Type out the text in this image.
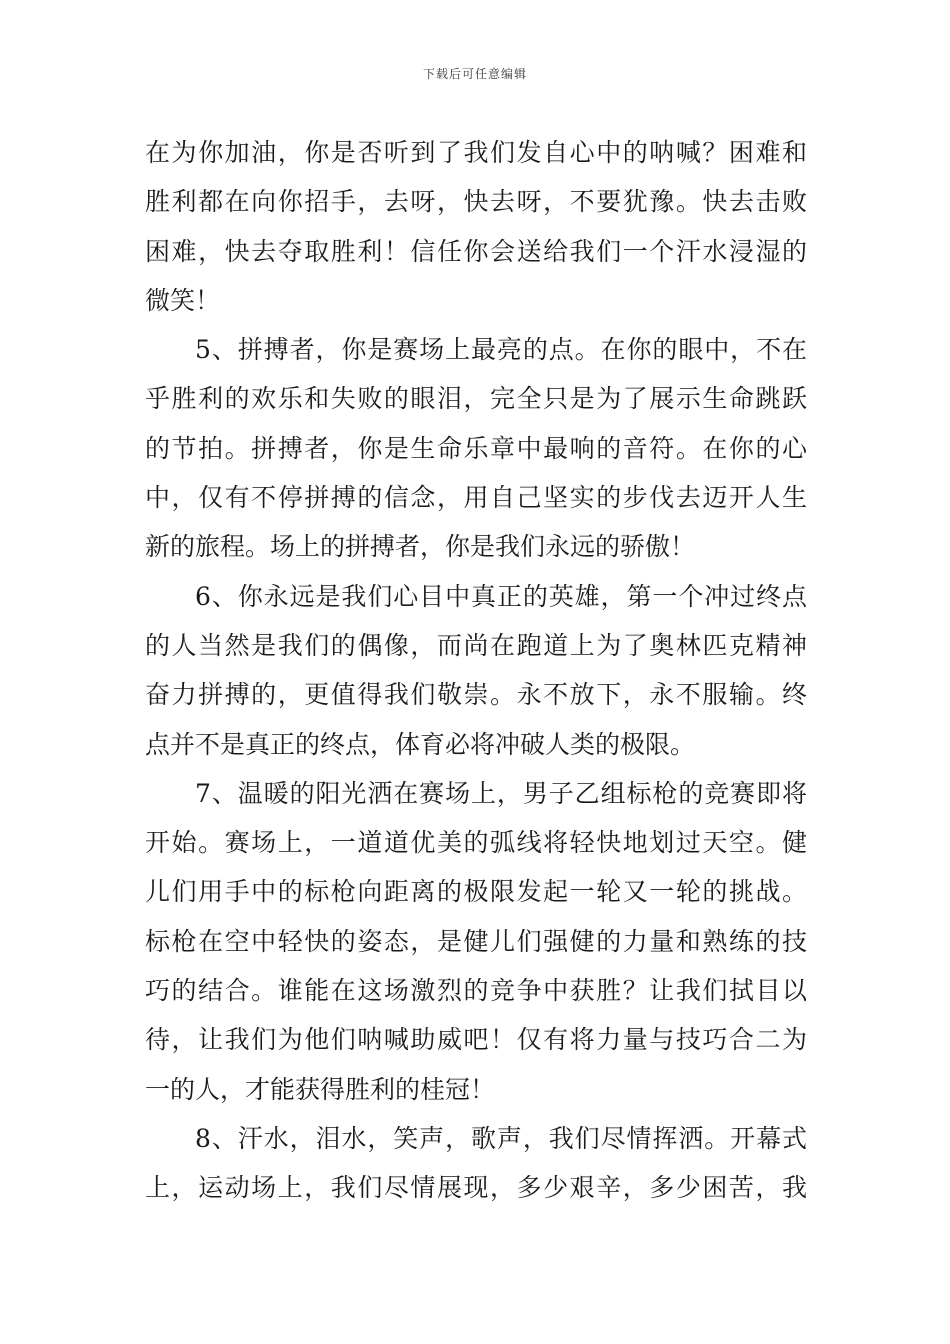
下载后可任意编辑
在为你加油，你是否听到了我们发自心中的呐喊？困难和
胜利都在向你招手，去呀，快去呀，不要犹豫。快去击败
困难，快去夺取胜利！信任你会送给我们一个汗水浸湿的
微笑！
5、拼搏者，你是赛场上最亮的点。在你的眼中，不在
乎胜利的欢乐和失败的眼泪，完全只是为了展示生命跳跃
的节拍。拼搏者，你是生命乐章中最响的音符。在你的心
中，仅有不停拼搏的信念，用自己坚实的步伐去迈开人生
新的旅程。场上的拼搏者，你是我们永远的骄傲！
6、你永远是我们心目中真正的英雄，第一个冲过终点
的人当然是我们的偶像，而尚在跑道上为了奥林匹克精神
奋力拼搏的，更值得我们敬崇。永不放下，永不服输。终
点并不是真正的终点，体育必将冲破人类的极限。
7、温暖的阳光洒在赛场上，男子乙组标枪的竞赛即将
开始。赛场上，一道道优美的弧线将轻快地划过天空。健
儿们用手中的标枪向距离的极限发起一轮又一轮的挑战。
标枪在空中轻快的姿态，是健儿们强健的力量和熟练的技
巧的结合。谁能在这场激烈的竞争中获胜？让我们拭目以
待，让我们为他们呐喊助威吧！仅有将力量与技巧合二为
一的人，才能获得胜利的桂冠！
8、汗水，泪水，笑声，歌声，我们尽情挥洒。开幕式
上，运动场上，我们尽情展现，多少艰辛，多少困苦，我
